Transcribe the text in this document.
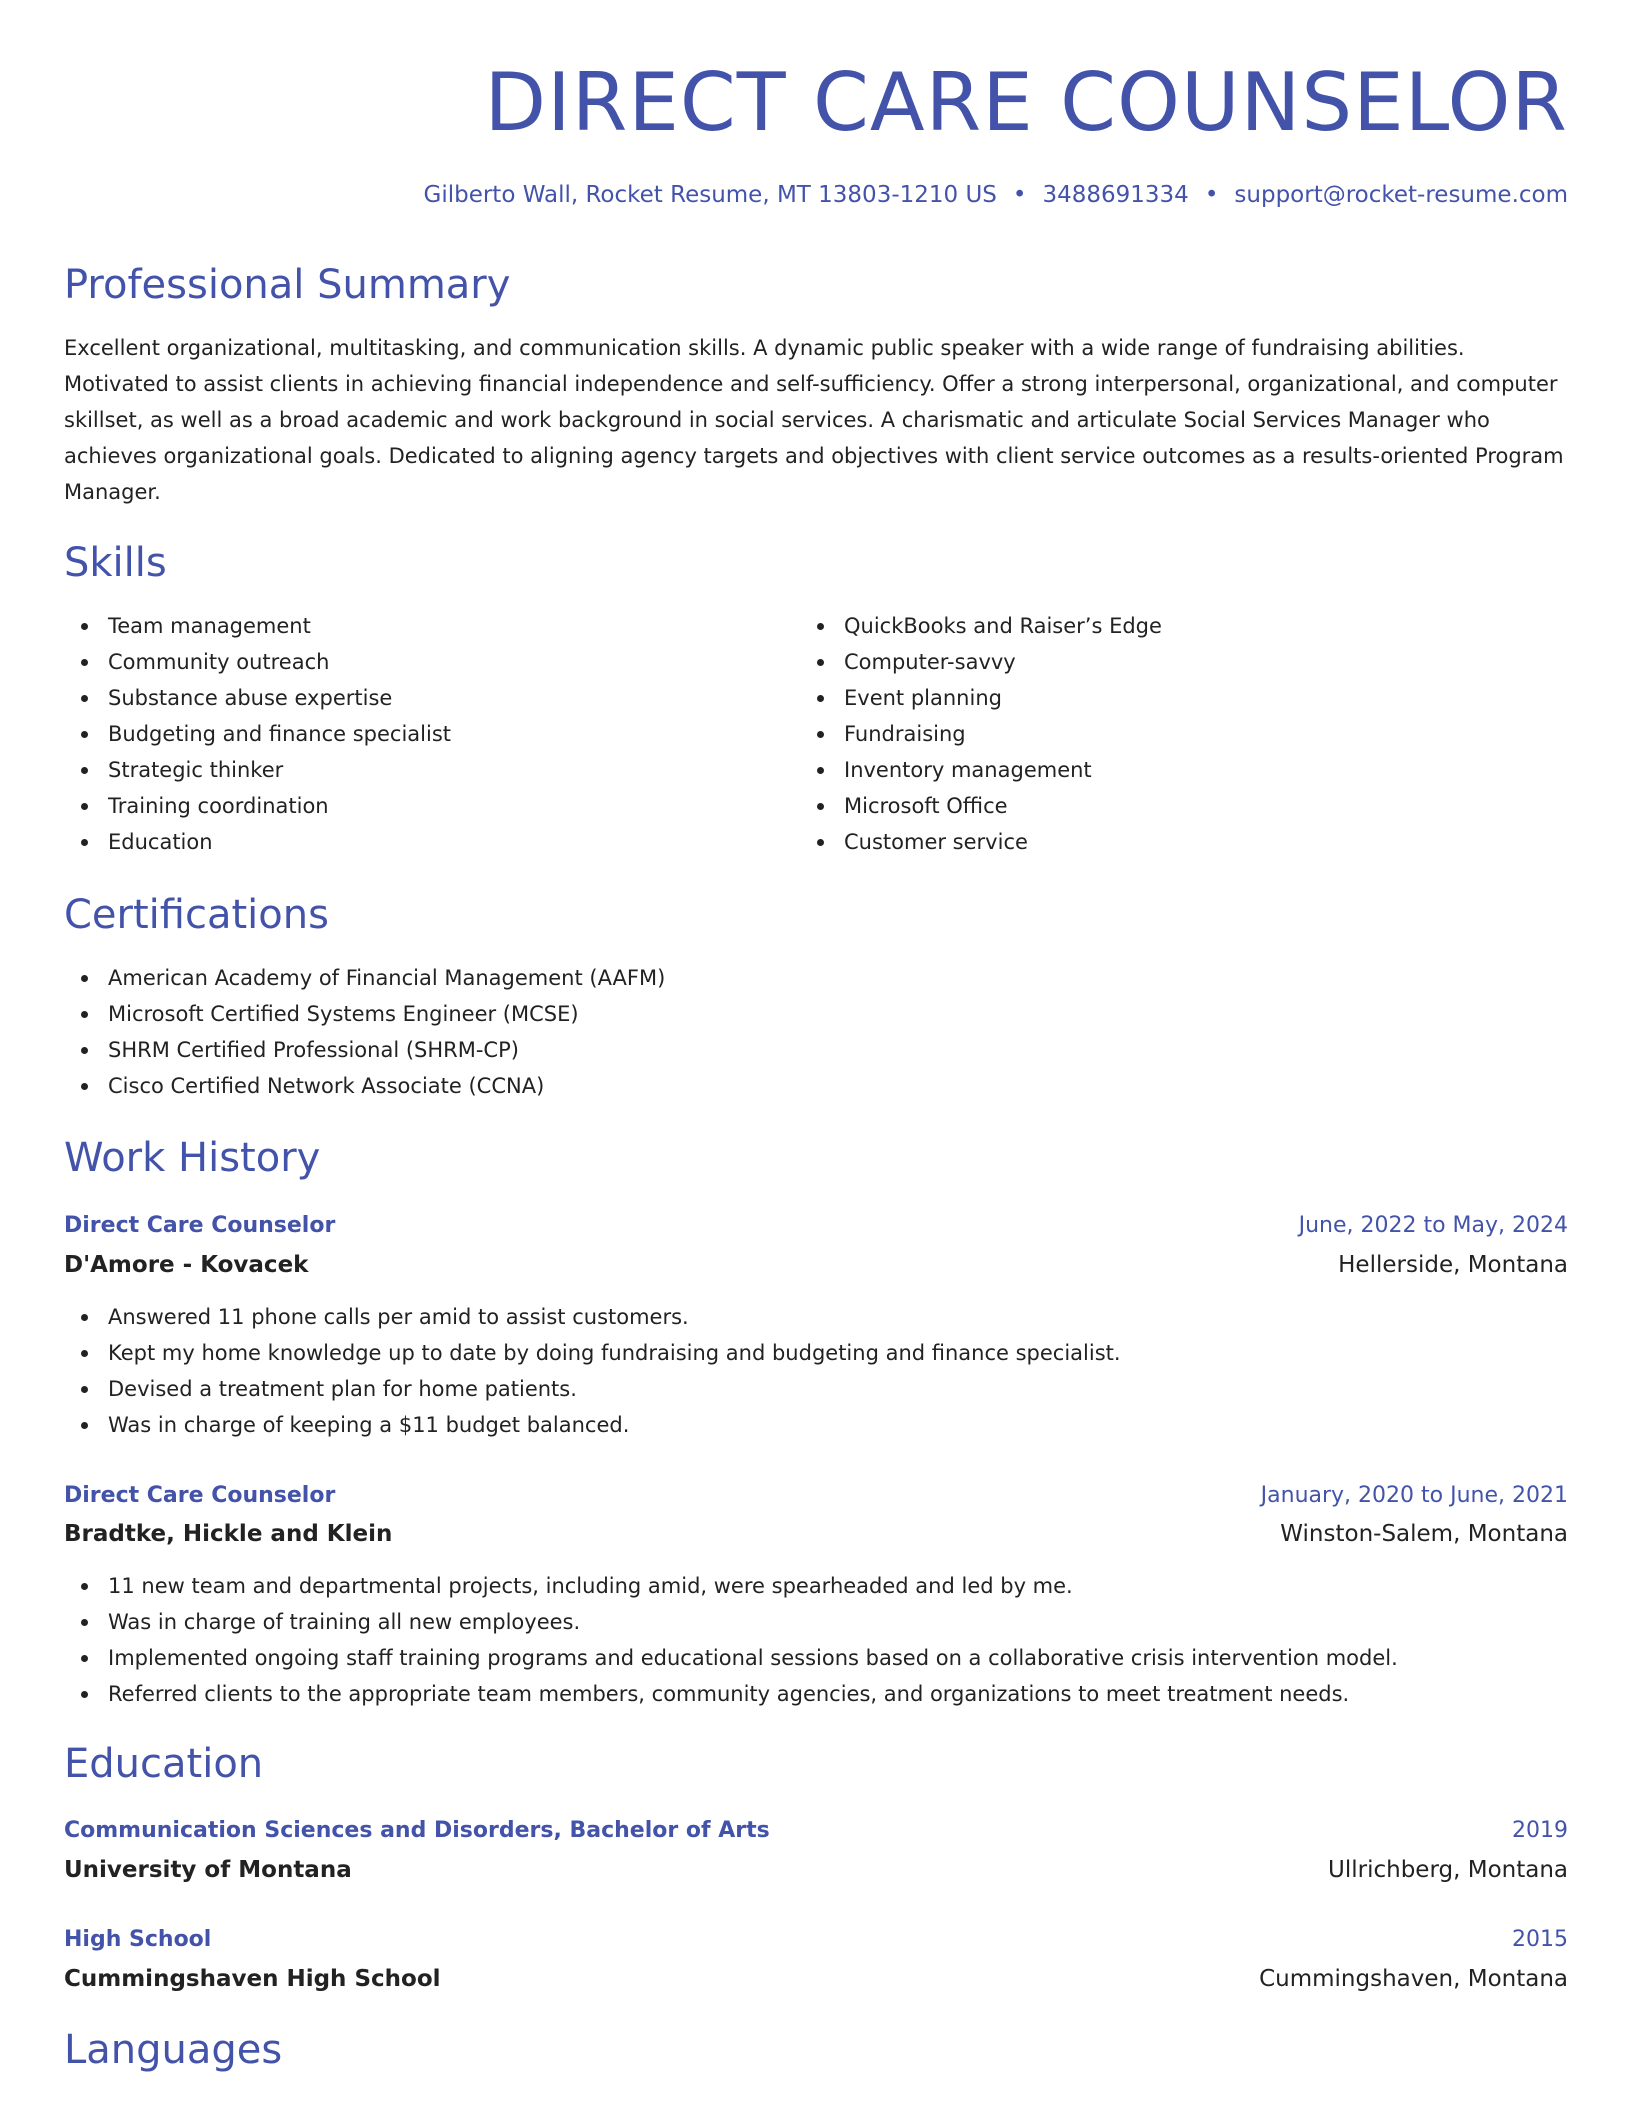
DIRECT CARE COUNSELOR
Gilberto Wall, Rocket Resume, MT 13803-1210 US • 3488691334 • support@rocket-resume.com
Professional Summary

Excellent organizational, multitasking, and communication skills. A dynamic public speaker with a wide range of fundraising abilities. Motivated to assist clients in achieving financial independence and self-sufficiency. Offer a strong interpersonal, organizational, and computer skillset, as well as a broad academic and work background in social services. A charismatic and articulate Social Services Manager who achieves organizational goals. Dedicated to aligning agency targets and objectives with client service outcomes as a results-oriented Program Manager.

Skills
Team management
Community outreach
Substance abuse expertise
Budgeting and finance specialist
Strategic thinker
Training coordination
Education
QuickBooks and Raiser’s Edge
Computer-savvy
Event planning
Fundraising
Inventory management
Microsoft Office
Customer service
Certifications
American Academy of Financial Management (AAFM)
Microsoft Certified Systems Engineer (MCSE)
SHRM Certified Professional (SHRM-CP)
Cisco Certified Network Associate (CCNA)
Work History
Direct Care Counselor	June, 2022 to May, 2024
D'Amore - Kovacek	Hellerside, Montana
Answered 11 phone calls per amid to assist customers.
Kept my home knowledge up to date by doing fundraising and budgeting and finance specialist.
Devised a treatment plan for home patients.
Was in charge of keeping a $11 budget balanced.
Direct Care Counselor	January, 2020 to June, 2021
Bradtke, Hickle and Klein	Winston-Salem, Montana
11 new team and departmental projects, including amid, were spearheaded and led by me.
Was in charge of training all new employees.
Implemented ongoing staff training programs and educational sessions based on a collaborative crisis intervention model.
Referred clients to the appropriate team members, community agencies, and organizations to meet treatment needs.
Education
Communication Sciences and Disorders, Bachelor of Arts	2019
University of Montana	Ullrichberg, Montana
High School	2015
Cummingshaven High School	Cummingshaven, Montana
Languages
